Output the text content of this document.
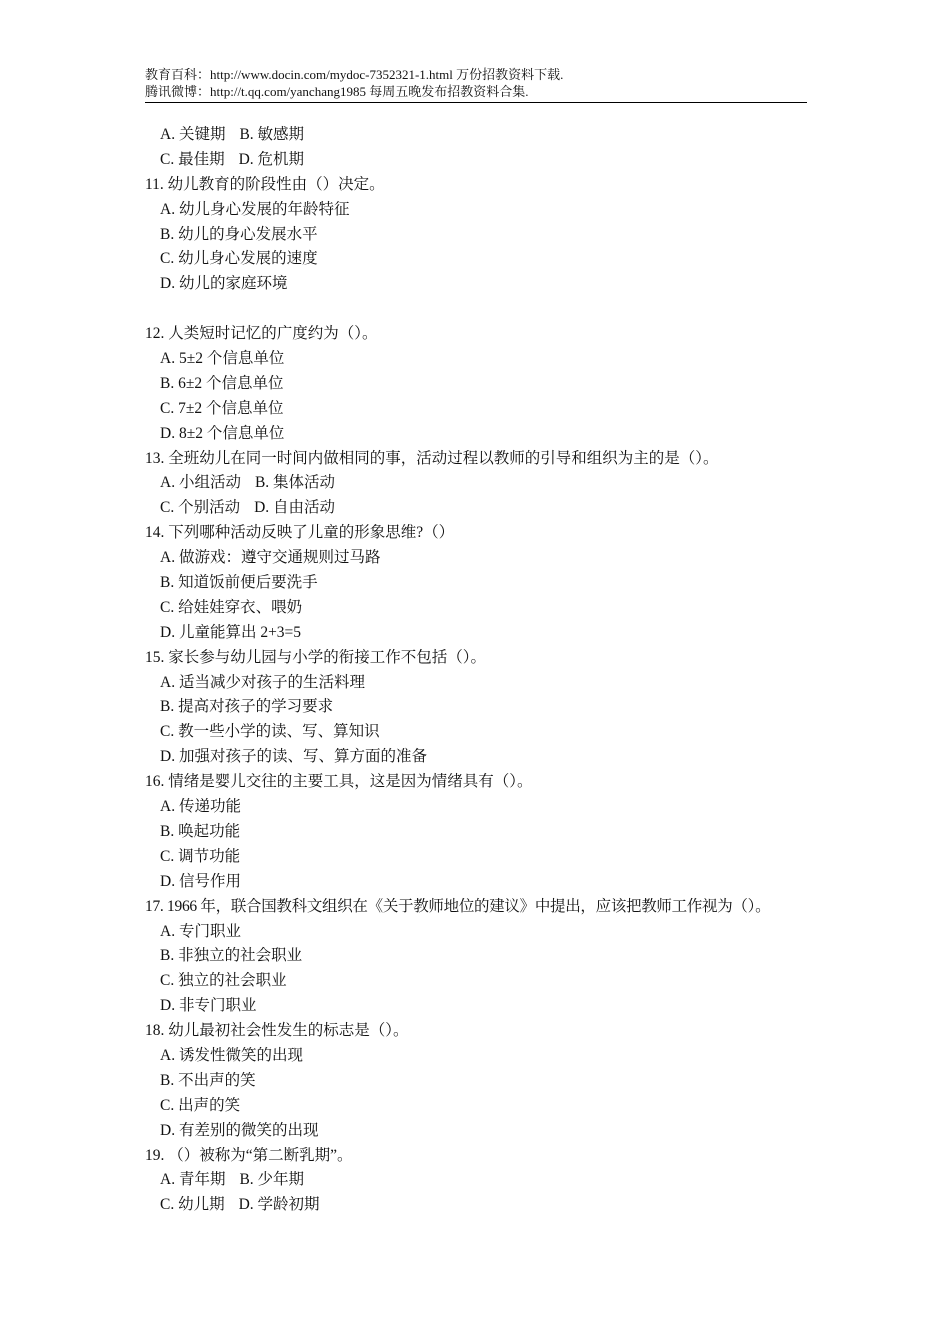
教育百科：http://www.docin.com/mydoc-7352321-1.html 万份招教资料下载.
腾讯微博：http://t.qq.com/yanchang1985 每周五晚发布招教资料合集.
A. 关键期 B. 敏感期
C. 最佳期 D. 危机期
11. 幼儿教育的阶段性由（）决定。
A. 幼儿身心发展的年龄特征
B. 幼儿的身心发展水平
C. 幼儿身心发展的速度
D. 幼儿的家庭环境
12. 人类短时记忆的广度约为（）。
A. 5±2 个信息单位
B. 6±2 个信息单位
C. 7±2 个信息单位
D. 8±2 个信息单位
13. 全班幼儿在同一时间内做相同的事，活动过程以教师的引导和组织为主的是（）。
A. 小组活动 B. 集体活动
C. 个别活动 D. 自由活动
14. 下列哪种活动反映了儿童的形象思维?（）
A. 做游戏：遵守交通规则过马路
B. 知道饭前便后要洗手
C. 给娃娃穿衣、喂奶
D. 儿童能算出 2+3=5
15. 家长参与幼儿园与小学的衔接工作不包括（）。
A. 适当减少对孩子的生活料理
B. 提高对孩子的学习要求
C. 教一些小学的读、写、算知识
D. 加强对孩子的读、写、算方面的准备
16. 情绪是婴儿交往的主要工具，这是因为情绪具有（）。
A. 传递功能
B. 唤起功能
C. 调节功能
D. 信号作用
17. 1966 年，联合国教科文组织在《关于教师地位的建议》中提出，应该把教师工作视为（）。
A. 专门职业
B. 非独立的社会职业
C. 独立的社会职业
D. 非专门职业
18. 幼儿最初社会性发生的标志是（）。
A. 诱发性微笑的出现
B. 不出声的笑
C. 出声的笑
D. 有差别的微笑的出现
19. （）被称为“第二断乳期”。
A. 青年期 B. 少年期
C. 幼儿期 D. 学龄初期
